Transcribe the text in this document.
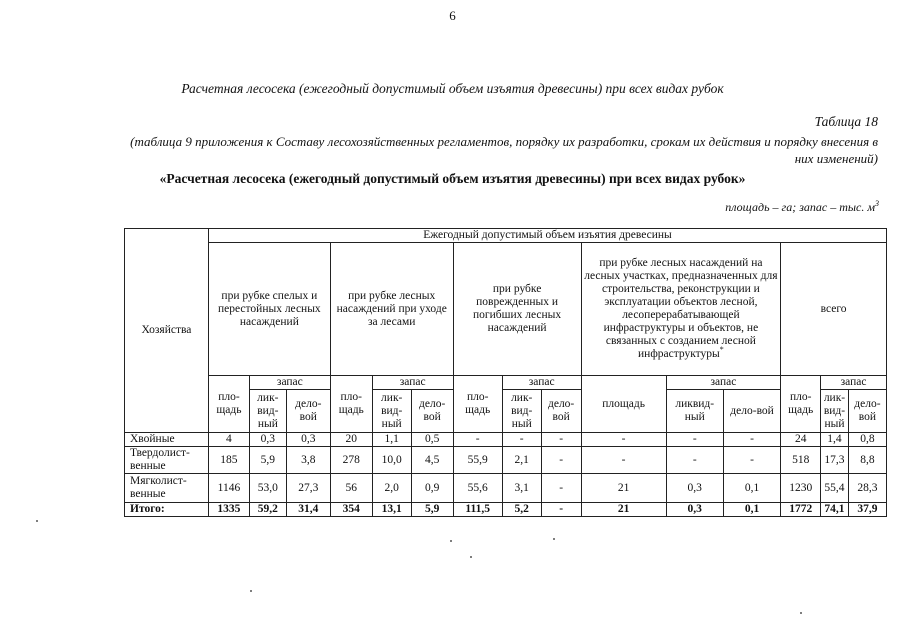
6
Расчетная лесосека (ежегодный допустимый объем изъятия древесины) при всех видах рубок
Таблица 18
(таблица 9 приложения к Составу лесохозяйственных регламентов, порядку их разработки, срокам их действия и порядку внесения в них изменений)
«Расчетная лесосека (ежегодный допустимый объем изъятия древесины) при всех видах рубок»
площадь – га; запас – тыс. $м^3$
Хозяйства	Ежегодный допустимый объем изъятия древесины														
	при рубке спелых и перестойных лесных насаждений			при рубке лесных насаждений при уходе за лесами			при рубке поврежденных и погибших лесных насаждений			при рубке лесных насаждений на лесных участках, предназначенных для строительства, реконструкции и эксплуатации объектов лесной, лесоперерабатывающей инфраструктуры и объектов, не связанных с созданием лесной инфраструктуры*			всего		
	пло-щадь	запас		пло-щадь	запас		пло-щадь	запас		площадь	запас		пло-щадь	запас	
		лик-вид-ный	дело-вой		лик-вид-ный	дело-вой		лик-вид-ный	дело-вой		ликвид-ный	дело-вой		лик-вид-ный	дело-вой
Хвойные	4	0,3	0,3	20	1,1	0,5	-	-	-	-	-	-	24	1,4	0,8
Твердолист-венные	185	5,9	3,8	278	10,0	4,5	55,9	2,1	-	-	-	-	518	17,3	8,8
Мягколист-венные	1146	53,0	27,3	56	2,0	0,9	55,6	3,1	-	21	0,3	0,1	1230	55,4	28,3
Итого:	1335	59,2	31,4	354	13,1	5,9	111,5	5,2	-	21	0,3	0,1	1772	74,1	37,9
